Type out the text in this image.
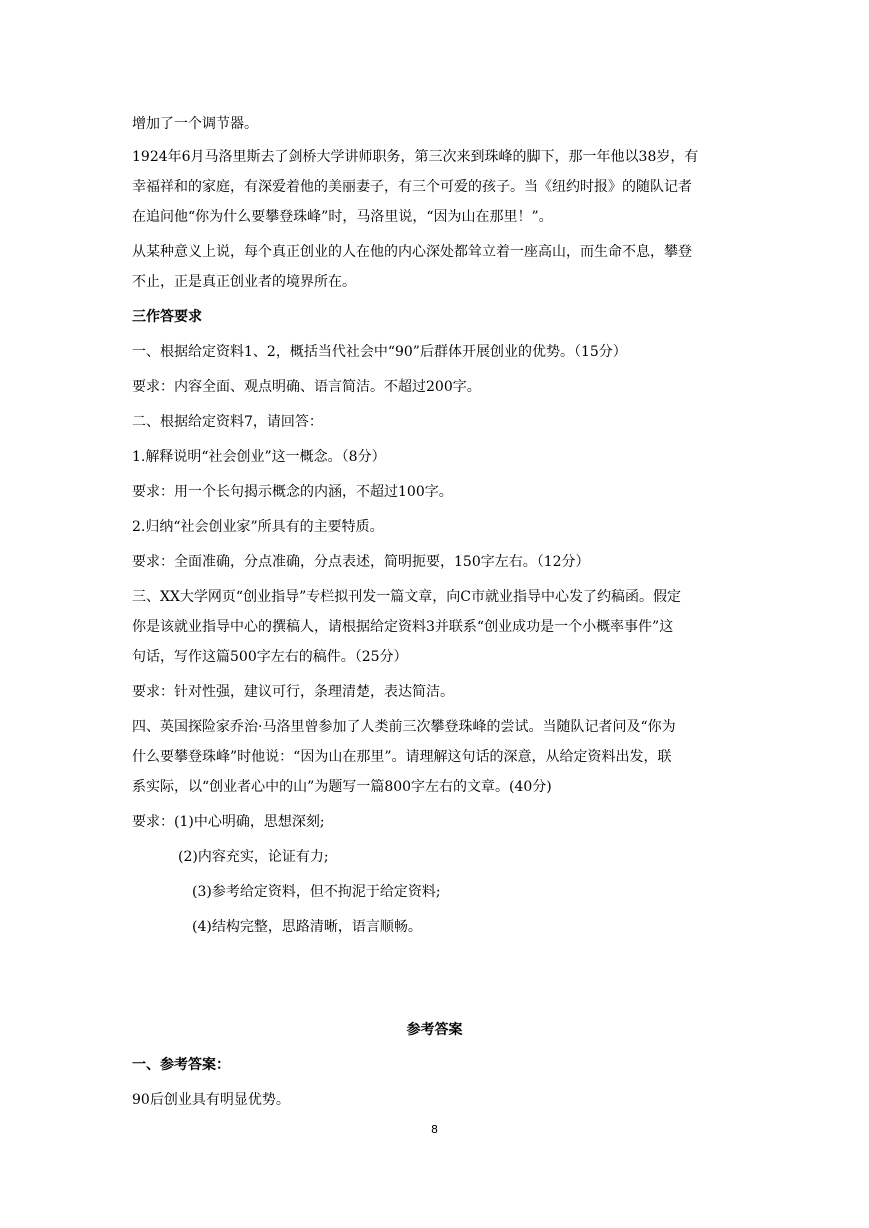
增加了一个调节器。

1924年6月马洛里斯去了剑桥大学讲师职务，第三次来到珠峰的脚下，那一年他以38岁，有

幸福祥和的家庭，有深爱着他的美丽妻子，有三个可爱的孩子。当《纽约时报》的随队记者

在追问他“你为什么要攀登珠峰”时，马洛里说，“因为山在那里！”。

从某种意义上说，每个真正创业的人在他的内心深处都耸立着一座高山，而生命不息，攀登

不止，正是真正创业者的境界所在。

三作答要求

一、根据给定资料1、2，概括当代社会中“90”后群体开展创业的优势。（15分）

要求：内容全面、观点明确、语言简洁。不超过200字。

二、根据给定资料7，请回答：

1.解释说明“社会创业”这一概念。（8分）

要求：用一个长句揭示概念的内涵，不超过100字。

2.归纳“社会创业家”所具有的主要特质。

要求：全面准确，分点准确，分点表述，简明扼要，150字左右。（12分）

三、XX大学网页“创业指导”专栏拟刊发一篇文章，向C市就业指导中心发了约稿函。假定

你是该就业指导中心的撰稿人，请根据给定资料3并联系“创业成功是一个小概率事件”这

句话，写作这篇500字左右的稿件。（25分）

要求：针对性强，建议可行，条理清楚，表达简洁。

四、英国探险家乔治·马洛里曾参加了人类前三次攀登珠峰的尝试。当随队记者问及“你为

什么要攀登珠峰”时他说：“因为山在那里”。请理解这句话的深意，从给定资料出发，联

系实际，以“创业者心中的山”为题写一篇800字左右的文章。(40分)

要求：(1)中心明确，思想深刻;

(2)内容充实，论证有力;

(3)参考给定资料，但不拘泥于给定资料;

(4)结构完整，思路清晰，语言顺畅。

参考答案

一、参考答案：

90后创业具有明显优势。

8
